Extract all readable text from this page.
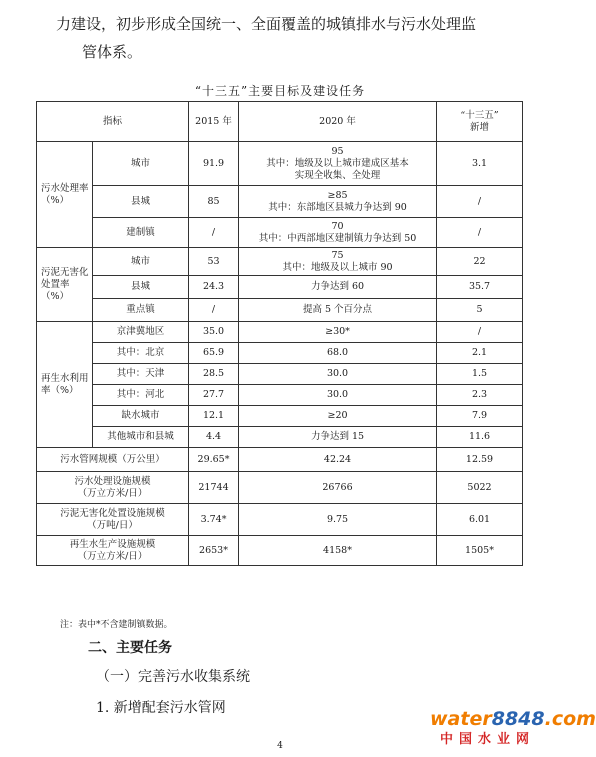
力建设，初步形成全国统一、全面覆盖的城镇排水与污水处理监

管体系。

“十三五”主要目标及建设任务
指标		2015 年	2020 年	“十三五”
新增

污水处理率（%）	城市	91.9	95
其中：地级及以上城市建成区基本
实现全收集、全处理	3.1
	县城	85	≥85
其中：东部地区县城力争达到 90	/
	建制镇	/	70
其中：中西部地区建制镇力争达到 50	/
污泥无害化处置率（%）	城市	53	75
其中：地级及以上城市 90	22
	县城	24.3	力争达到 60	35.7
	重点镇	/	提高 5 个百分点	5
再生水利用率（%）	京津冀地区	35.0	≥30*	/
	其中：北京	65.9	68.0	2.1
	其中：天津	28.5	30.0	1.5
	其中：河北	27.7	30.0	2.3
	缺水城市	12.1	≥20	7.9
	其他城市和县城	4.4	力争达到 15	11.6

污水管网规模（万公里）		29.65*	42.24	12.59

污水处理设施规模
（万立方米/日）		21744	26766	5022

污泥无害化处置设施规模
（万吨/日）		3.74*	9.75	6.01

再生水生产设施规模
（万立方米/日）		2653*	4158*	1505*
注：表中*不含建制镇数据。
二、主要任务
（一）完善污水收集系统
1. 新增配套污水管网
4
water8848.com
中国水业网
